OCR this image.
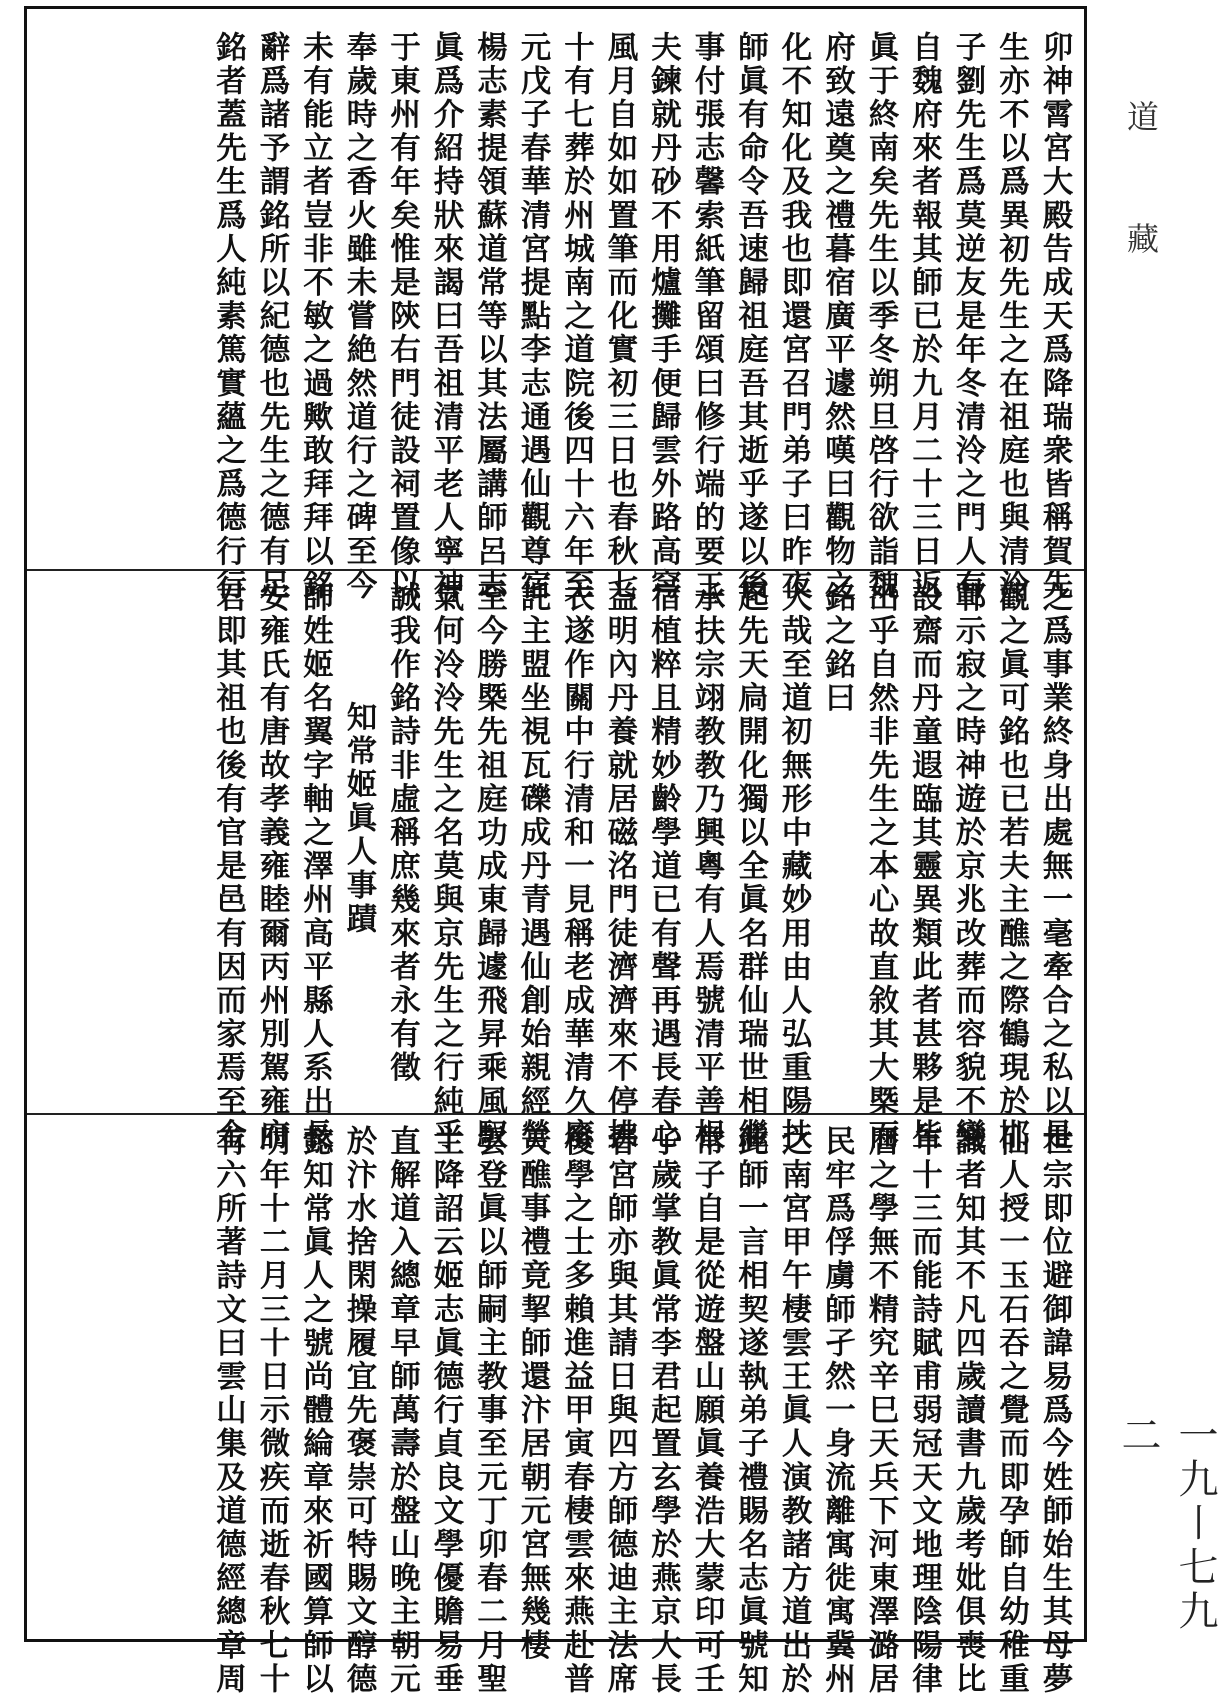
卯神霄宮大殿告成天爲降瑞衆皆稱賀先
生亦不以爲異初先生之在祖庭也與清泠
子劉先生爲莫逆友是年冬清泠之門人有
自魏府來者報其師已於九月二十三日返
眞于終南矣先生以季冬朔旦啓行欲詣魏
府致遠奠之禮暮宿廣平遽然嘆曰觀物之
化不知化及我也即還宮召門弟子曰昨夜
師眞有命令吾速歸祖庭吾其逝乎遂以後
事付張志馨索紙筆留頌曰修行端的要工
夫鍊就丹砂不用爐攤手便歸雲外路高穹
風月自如如置筆而化實初三日也春秋七
十有七葬於州城南之道院後四十六年至
元戊子春華清宮提點李志通遇仙觀尊宿
楊志素提領蘇道常等以其法屬講師呂志
眞爲介紹持狀來謁曰吾祖清平老人寧神
于東州有年矣惟是陝右門徒設祠置像以
奉歲時之香火雖未嘗絶然道行之碑至今
未有能立者豈非不敏之過歟敢拜拜以銘
辭爲諸予謂銘所以紀德也先生之德有足
銘者蓋先生爲人純素篤實蘊之爲德行行
之爲事業終身出處無一毫牽合之私以是
觀之眞可銘也已若夫主醮之際鶴現於邯
鄲示寂之時神遊於京兆改葬而容貌不變
設齋而丹童遐臨其靈異類此者甚夥是皆
出乎自然非先生之本心故直敘其大槩而
銘之銘曰
大哉至道初無形中藏妙用由人弘重陽扶
起先天扃開化獨以全眞名群仙瑞世相繼
承扶宗翊教教乃興粵有人焉號清平善根
宿植粹且精妙齡學道已有聲再遇長春心
益明內丹養就居磁洺門徒濟濟來不停拂
衣遂作關中行清和一見稱老成華清久廢
託主盟坐視瓦礫成丹青遇仙創始親經營
至今勝槩先祖庭功成東歸遽飛昇乘風馭
氣何泠泠先生之名莫與京先生之行純乎
誠我作銘詩非虛稱庶幾來者永有徵
知常姬眞人事蹟
師姓姬名翼字軸之澤州高平縣人系出長
安雍氏有唐故孝義雍睦爾丙州別駕雍府
君即其祖也後有官是邑有因而家焉至金
世宗即位避御諱易爲今姓師始生其母夢
仙人授一玉石吞之覺而即孕師自幼稚重
識者知其不凡四歲讀書九歲考妣俱喪比
年十三而能詩賦甫弱冠天文地理陰陽律
曆之學無不精究辛巳天兵下河東澤潞居
民牢爲俘虜師孑然一身流離寓徙寓冀州
之南宮甲午棲雲王眞人演教諸方道出於
此師一言相契遂執弟子禮賜名志眞號知
常子自是從遊盤山願眞養浩大蒙印可壬
子歲掌教眞常李君起置玄學於燕京大長
春宮師亦與其請日與四方師德迪主法席
後學之士多賴進益甲寅春棲雲來燕赴普
天醮事禮竟挈師還汴居朝元宮無幾棲
雲登眞以師嗣主教事至元丁卯春二月聖
主降詔云姬志眞德行貞良文學優贍易垂
直解道入總章早師萬壽於盤山晚主朝元
於汴水捨閑操履宜先褒崇可特賜文醇德
懿知常眞人之號尚體綸章來祈國算師以
明年十二月三十日示微疾而逝春秋七十
有六所著詩文曰雲山集及道德經總章周
道藏
一九〡七九二
